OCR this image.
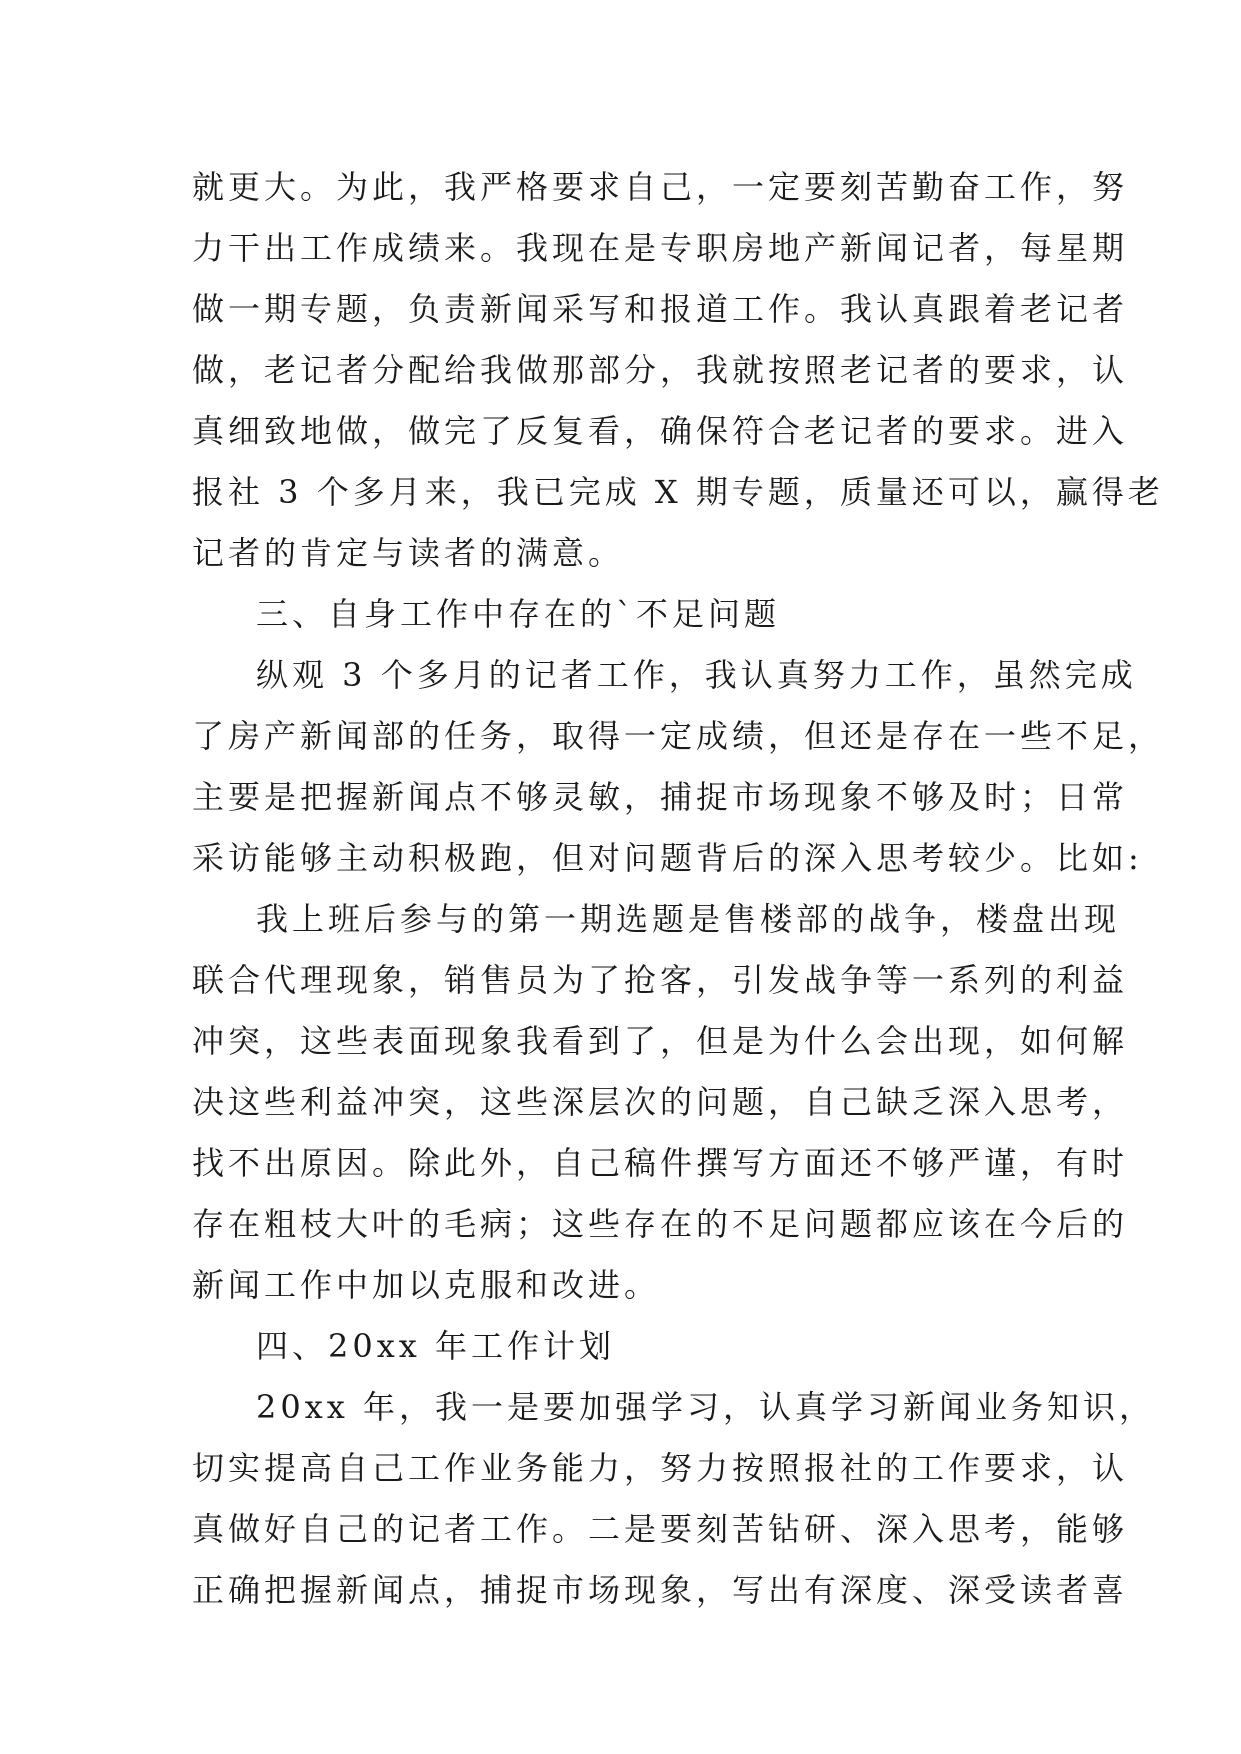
就更大。为此，我严格要求自己，一定要刻苦勤奋工作，努
力干出工作成绩来。我现在是专职房地产新闻记者，每星期
做一期专题，负责新闻采写和报道工作。我认真跟着老记者
做，老记者分配给我做那部分，我就按照老记者的要求，认
真细致地做，做完了反复看，确保符合老记者的要求。进入
报社 3 个多月来，我已完成 X 期专题，质量还可以，赢得老
记者的肯定与读者的满意。
三、自身工作中存在的`不足问题
纵观 3 个多月的记者工作，我认真努力工作，虽然完成
了房产新闻部的任务，取得一定成绩，但还是存在一些不足，
主要是把握新闻点不够灵敏，捕捉市场现象不够及时；日常
采访能够主动积极跑，但对问题背后的深入思考较少。比如:
我上班后参与的第一期选题是售楼部的战争，楼盘出现
联合代理现象，销售员为了抢客，引发战争等一系列的利益
冲突，这些表面现象我看到了，但是为什么会出现，如何解
决这些利益冲突，这些深层次的问题，自己缺乏深入思考，
找不出原因。除此外，自己稿件撰写方面还不够严谨，有时
存在粗枝大叶的毛病；这些存在的不足问题都应该在今后的
新闻工作中加以克服和改进。
四、20xx 年工作计划
20xx 年，我一是要加强学习，认真学习新闻业务知识，
切实提高自己工作业务能力，努力按照报社的工作要求，认
真做好自己的记者工作。二是要刻苦钻研、深入思考，能够
正确把握新闻点，捕捉市场现象，写出有深度、深受读者喜
